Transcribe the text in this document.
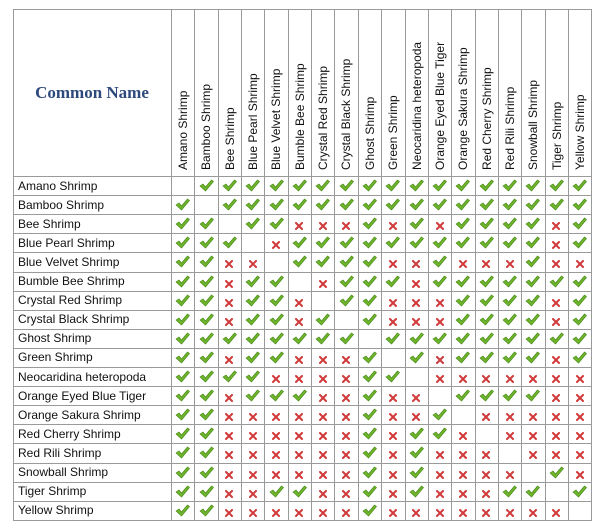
Common Name	Amano Shrimp Bamboo Shrimp Bee Shrimp Blue Pearl Shrimp Blue Velvet Shrimp Bumble Bee Shrimp Crystal Red Shrimp Crystal Black Shrimp Ghost Shrimp Green Shrimp Neocaridina heteropoda Orange Eyed Blue Tiger Orange Sakura Shrimp Red Cherry Shrimp Red Rili Shrimp Snowball Shrimp Tiger Shrimp Yellow Shrimp
Amano Shrimp
Bamboo Shrimp
Bee Shrimp
Blue Pearl Shrimp
Blue Velvet Shrimp
Bumble Bee Shrimp
Crystal Red Shrimp
Crystal Black Shrimp
Ghost Shrimp
Green Shrimp
Neocaridina heteropoda
Orange Eyed Blue Tiger
Orange Sakura Shrimp
Red Cherry Shrimp
Red Rili Shrimp
Snowball Shrimp
Tiger Shrimp
Yellow Shrimp
